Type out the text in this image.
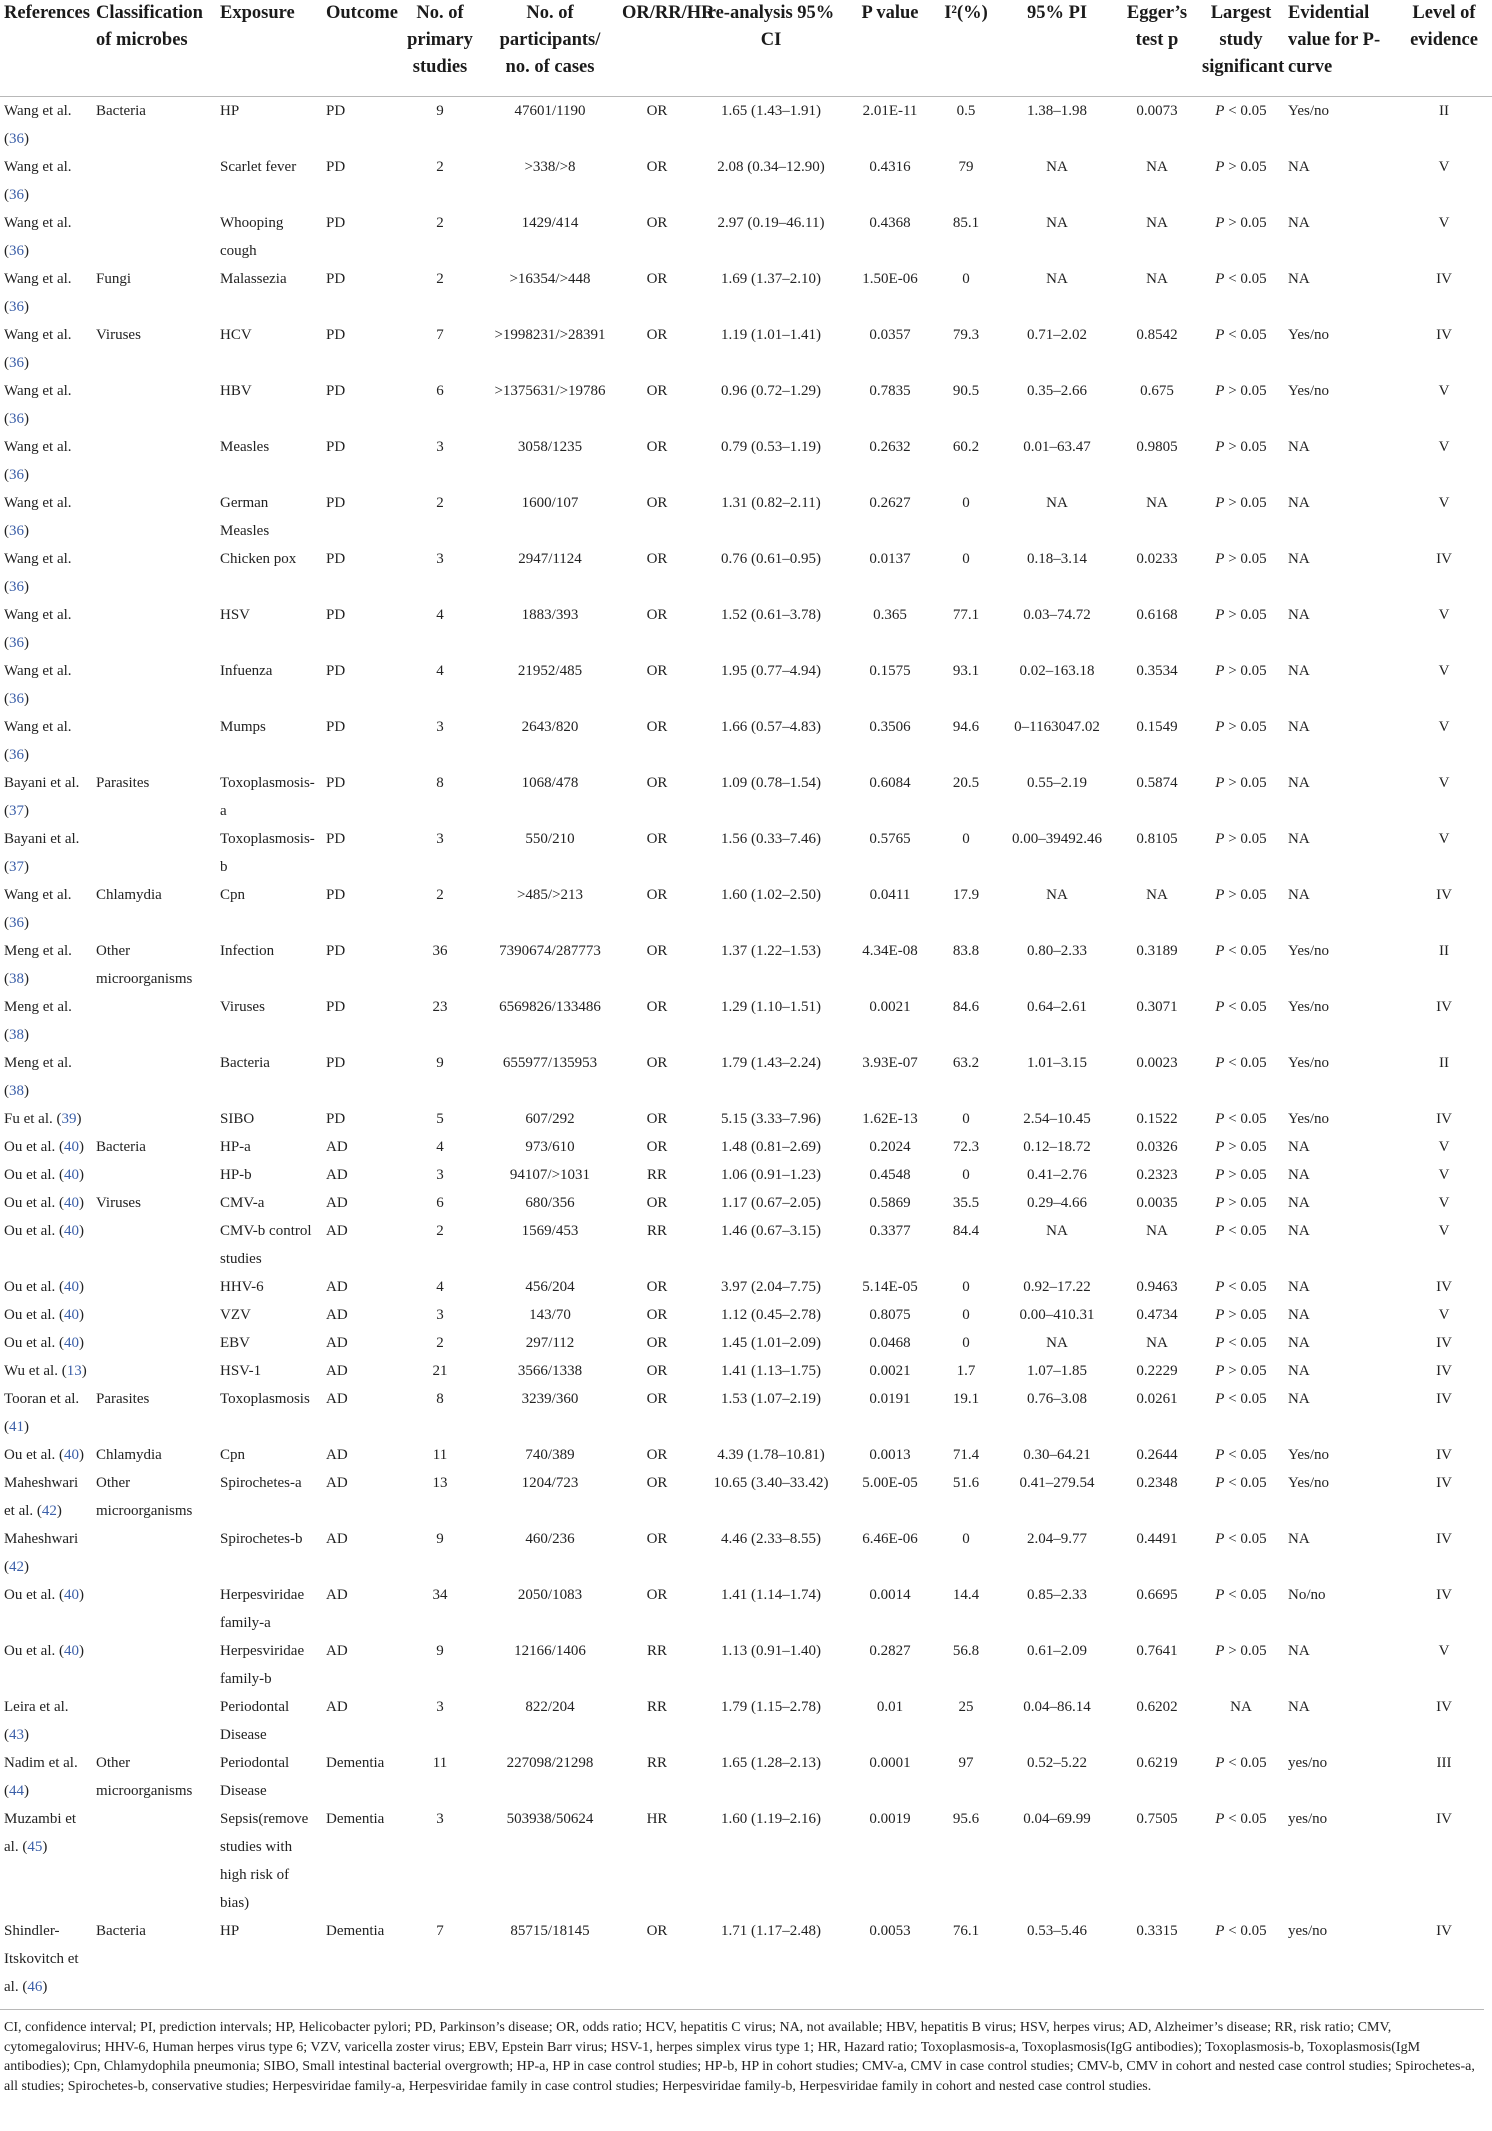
References	Classification of microbes	Exposure	Outcome	No. of primary studies	No. of participants/ no. of cases	OR/RR/HR	re-analysis 95% CI	P value	I²(%)	95% PI	Egger’s test p	Largest study significant	Evidential value for P-curve	Level of evidence
Wang et al. (36)	Bacteria	HP	PD	9	47601/1190	OR	1.65 (1.43–1.91)	2.01E-11	0.5	1.38–1.98	0.0073	P < 0.05	Yes/no	II
Wang et al. (36)		Scarlet fever	PD	2	>338/>8	OR	2.08 (0.34–12.90)	0.4316	79	NA	NA	P > 0.05	NA	V
Wang et al. (36)		Whooping cough	PD	2	1429/414	OR	2.97 (0.19–46.11)	0.4368	85.1	NA	NA	P > 0.05	NA	V
Wang et al. (36)	Fungi	Malassezia	PD	2	>16354/>448	OR	1.69 (1.37–2.10)	1.50E-06	0	NA	NA	P < 0.05	NA	IV
Wang et al. (36)	Viruses	HCV	PD	7	>1998231/>28391	OR	1.19 (1.01–1.41)	0.0357	79.3	0.71–2.02	0.8542	P < 0.05	Yes/no	IV
Wang et al. (36)		HBV	PD	6	>1375631/>19786	OR	0.96 (0.72–1.29)	0.7835	90.5	0.35–2.66	0.675	P > 0.05	Yes/no	V
Wang et al. (36)		Measles	PD	3	3058/1235	OR	0.79 (0.53–1.19)	0.2632	60.2	0.01–63.47	0.9805	P > 0.05	NA	V
Wang et al. (36)		German Measles	PD	2	1600/107	OR	1.31 (0.82–2.11)	0.2627	0	NA	NA	P > 0.05	NA	V
Wang et al. (36)		Chicken pox	PD	3	2947/1124	OR	0.76 (0.61–0.95)	0.0137	0	0.18–3.14	0.0233	P > 0.05	NA	IV
Wang et al. (36)		HSV	PD	4	1883/393	OR	1.52 (0.61–3.78)	0.365	77.1	0.03–74.72	0.6168	P > 0.05	NA	V
Wang et al. (36)		Infuenza	PD	4	21952/485	OR	1.95 (0.77–4.94)	0.1575	93.1	0.02–163.18	0.3534	P > 0.05	NA	V
Wang et al. (36)		Mumps	PD	3	2643/820	OR	1.66 (0.57–4.83)	0.3506	94.6	0–1163047.02	0.1549	P > 0.05	NA	V
Bayani et al. (37)	Parasites	Toxoplasmosis-a	PD	8	1068/478	OR	1.09 (0.78–1.54)	0.6084	20.5	0.55–2.19	0.5874	P > 0.05	NA	V
Bayani et al. (37)		Toxoplasmosis-b	PD	3	550/210	OR	1.56 (0.33–7.46)	0.5765	0	0.00–39492.46	0.8105	P > 0.05	NA	V
Wang et al. (36)	Chlamydia	Cpn	PD	2	>485/>213	OR	1.60 (1.02–2.50)	0.0411	17.9	NA	NA	P > 0.05	NA	IV
Meng et al. (38)	Other microorganisms	Infection	PD	36	7390674/287773	OR	1.37 (1.22–1.53)	4.34E-08	83.8	0.80–2.33	0.3189	P < 0.05	Yes/no	II
Meng et al. (38)		Viruses	PD	23	6569826/133486	OR	1.29 (1.10–1.51)	0.0021	84.6	0.64–2.61	0.3071	P < 0.05	Yes/no	IV
Meng et al. (38)		Bacteria	PD	9	655977/135953	OR	1.79 (1.43–2.24)	3.93E-07	63.2	1.01–3.15	0.0023	P < 0.05	Yes/no	II
Fu et al. (39)		SIBO	PD	5	607/292	OR	5.15 (3.33–7.96)	1.62E-13	0	2.54–10.45	0.1522	P < 0.05	Yes/no	IV
Ou et al. (40)	Bacteria	HP-a	AD	4	973/610	OR	1.48 (0.81–2.69)	0.2024	72.3	0.12–18.72	0.0326	P > 0.05	NA	V
Ou et al. (40)		HP-b	AD	3	94107/>1031	RR	1.06 (0.91–1.23)	0.4548	0	0.41–2.76	0.2323	P > 0.05	NA	V
Ou et al. (40)	Viruses	CMV-a	AD	6	680/356	OR	1.17 (0.67–2.05)	0.5869	35.5	0.29–4.66	0.0035	P > 0.05	NA	V
Ou et al. (40)		CMV-b control studies	AD	2	1569/453	RR	1.46 (0.67–3.15)	0.3377	84.4	NA	NA	P < 0.05	NA	V
Ou et al. (40)		HHV-6	AD	4	456/204	OR	3.97 (2.04–7.75)	5.14E-05	0	0.92–17.22	0.9463	P < 0.05	NA	IV
Ou et al. (40)		VZV	AD	3	143/70	OR	1.12 (0.45–2.78)	0.8075	0	0.00–410.31	0.4734	P > 0.05	NA	V
Ou et al. (40)		EBV	AD	2	297/112	OR	1.45 (1.01–2.09)	0.0468	0	NA	NA	P < 0.05	NA	IV
Wu et al. (13)		HSV-1	AD	21	3566/1338	OR	1.41 (1.13–1.75)	0.0021	1.7	1.07–1.85	0.2229	P > 0.05	NA	IV
Tooran et al. (41)	Parasites	Toxoplasmosis	AD	8	3239/360	OR	1.53 (1.07–2.19)	0.0191	19.1	0.76–3.08	0.0261	P < 0.05	NA	IV
Ou et al. (40)	Chlamydia	Cpn	AD	11	740/389	OR	4.39 (1.78–10.81)	0.0013	71.4	0.30–64.21	0.2644	P < 0.05	Yes/no	IV
Maheshwari et al. (42)	Other microorganisms	Spirochetes-a	AD	13	1204/723	OR	10.65 (3.40–33.42)	5.00E-05	51.6	0.41–279.54	0.2348	P < 0.05	Yes/no	IV
Maheshwari (42)		Spirochetes-b	AD	9	460/236	OR	4.46 (2.33–8.55)	6.46E-06	0	2.04–9.77	0.4491	P < 0.05	NA	IV
Ou et al. (40)		Herpesviridae family-a	AD	34	2050/1083	OR	1.41 (1.14–1.74)	0.0014	14.4	0.85–2.33	0.6695	P < 0.05	No/no	IV
Ou et al. (40)		Herpesviridae family-b	AD	9	12166/1406	RR	1.13 (0.91–1.40)	0.2827	56.8	0.61–2.09	0.7641	P > 0.05	NA	V
Leira et al. (43)		Periodontal Disease	AD	3	822/204	RR	1.79 (1.15–2.78)	0.01	25	0.04–86.14	0.6202	NA	NA	IV
Nadim et al. (44)	Other microorganisms	Periodontal Disease	Dementia	11	227098/21298	RR	1.65 (1.28–2.13)	0.0001	97	0.52–5.22	0.6219	P < 0.05	yes/no	III
Muzambi et al. (45)		Sepsis(remove studies with high risk of bias)	Dementia	3	503938/50624	HR	1.60 (1.19–2.16)	0.0019	95.6	0.04–69.99	0.7505	P < 0.05	yes/no	IV
Shindler-Itskovitch et al. (46)	Bacteria	HP	Dementia	7	85715/18145	OR	1.71 (1.17–2.48)	0.0053	76.1	0.53–5.46	0.3315	P < 0.05	yes/no	IV
CI, confidence interval; PI, prediction intervals; HP, Helicobacter pylori; PD, Parkinson’s disease; OR, odds ratio; HCV, hepatitis C virus; NA, not available; HBV, hepatitis B virus; HSV, herpes virus; AD, Alzheimer’s disease; RR, risk ratio; CMV, cytomegalovirus; HHV-6, Human herpes virus type 6; VZV, varicella zoster virus; EBV, Epstein Barr virus; HSV-1, herpes simplex virus type 1; HR, Hazard ratio; Toxoplasmosis-a, Toxoplasmosis(IgG antibodies); Toxoplasmosis-b, Toxoplasmosis(IgM antibodies); Cpn, Chlamydophila pneumonia; SIBO, Small intestinal bacterial overgrowth; HP-a, HP in case control studies; HP-b, HP in cohort studies; CMV-a, CMV in case control studies; CMV-b, CMV in cohort and nested case control studies; Spirochetes-a, all studies; Spirochetes-b, conservative studies; Herpesviridae family-a, Herpesviridae family in case control studies; Herpesviridae family-b, Herpesviridae family in cohort and nested case control studies.
